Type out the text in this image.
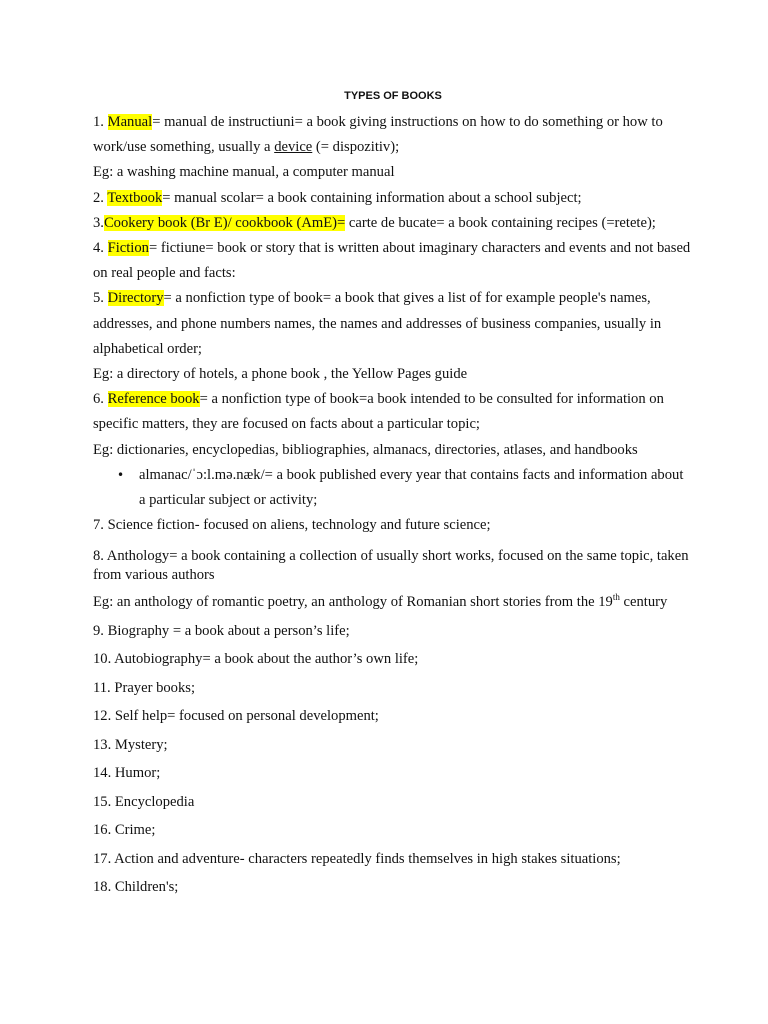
TYPES OF BOOKS

1. Manual= manual de instructiuni= a book giving instructions on how to do something or how to work/use something, usually a device (= dispozitiv);

Eg: a washing machine manual, a computer manual

2. Textbook= manual scolar= a book containing information about a school subject;

3.Cookery book (Br E)/ cookbook (AmE)= carte de bucate= a book containing recipes (=retete);

4. Fiction= fictiune= book or story that is written about imaginary characters and events and not based on real people and facts:

5. Directory= a nonfiction type of book= a book that gives a list of for example people's names, addresses, and phone numbers names, the names and addresses of business companies, usually in alphabetical order;

Eg: a directory of hotels, a phone book , the Yellow Pages guide

6. Reference book= a nonfiction type of book=a book intended to be consulted for information on specific matters, they are focused on facts about a particular topic;

Eg: dictionaries, encyclopedias, bibliographies, almanacs, directories, atlases, and handbooks

• almanac/ˈɔ:l.mə.næk/= a book published every year that contains facts and information about a particular subject or activity;

7. Science fiction- focused on aliens, technology and future science;

8. Anthology= a book containing a collection of usually short works, focused on the same topic, taken from various authors

Eg: an anthology of romantic poetry, an anthology of Romanian short stories from the 19th century

9. Biography = a book about a person’s life;

10. Autobiography= a book about the author’s own life;

11. Prayer books;

12. Self help= focused on personal development;

13. Mystery;

14. Humor;

15. Encyclopedia

16. Crime;

17. Action and adventure- characters repeatedly finds themselves in high stakes situations;

18. Children's;
